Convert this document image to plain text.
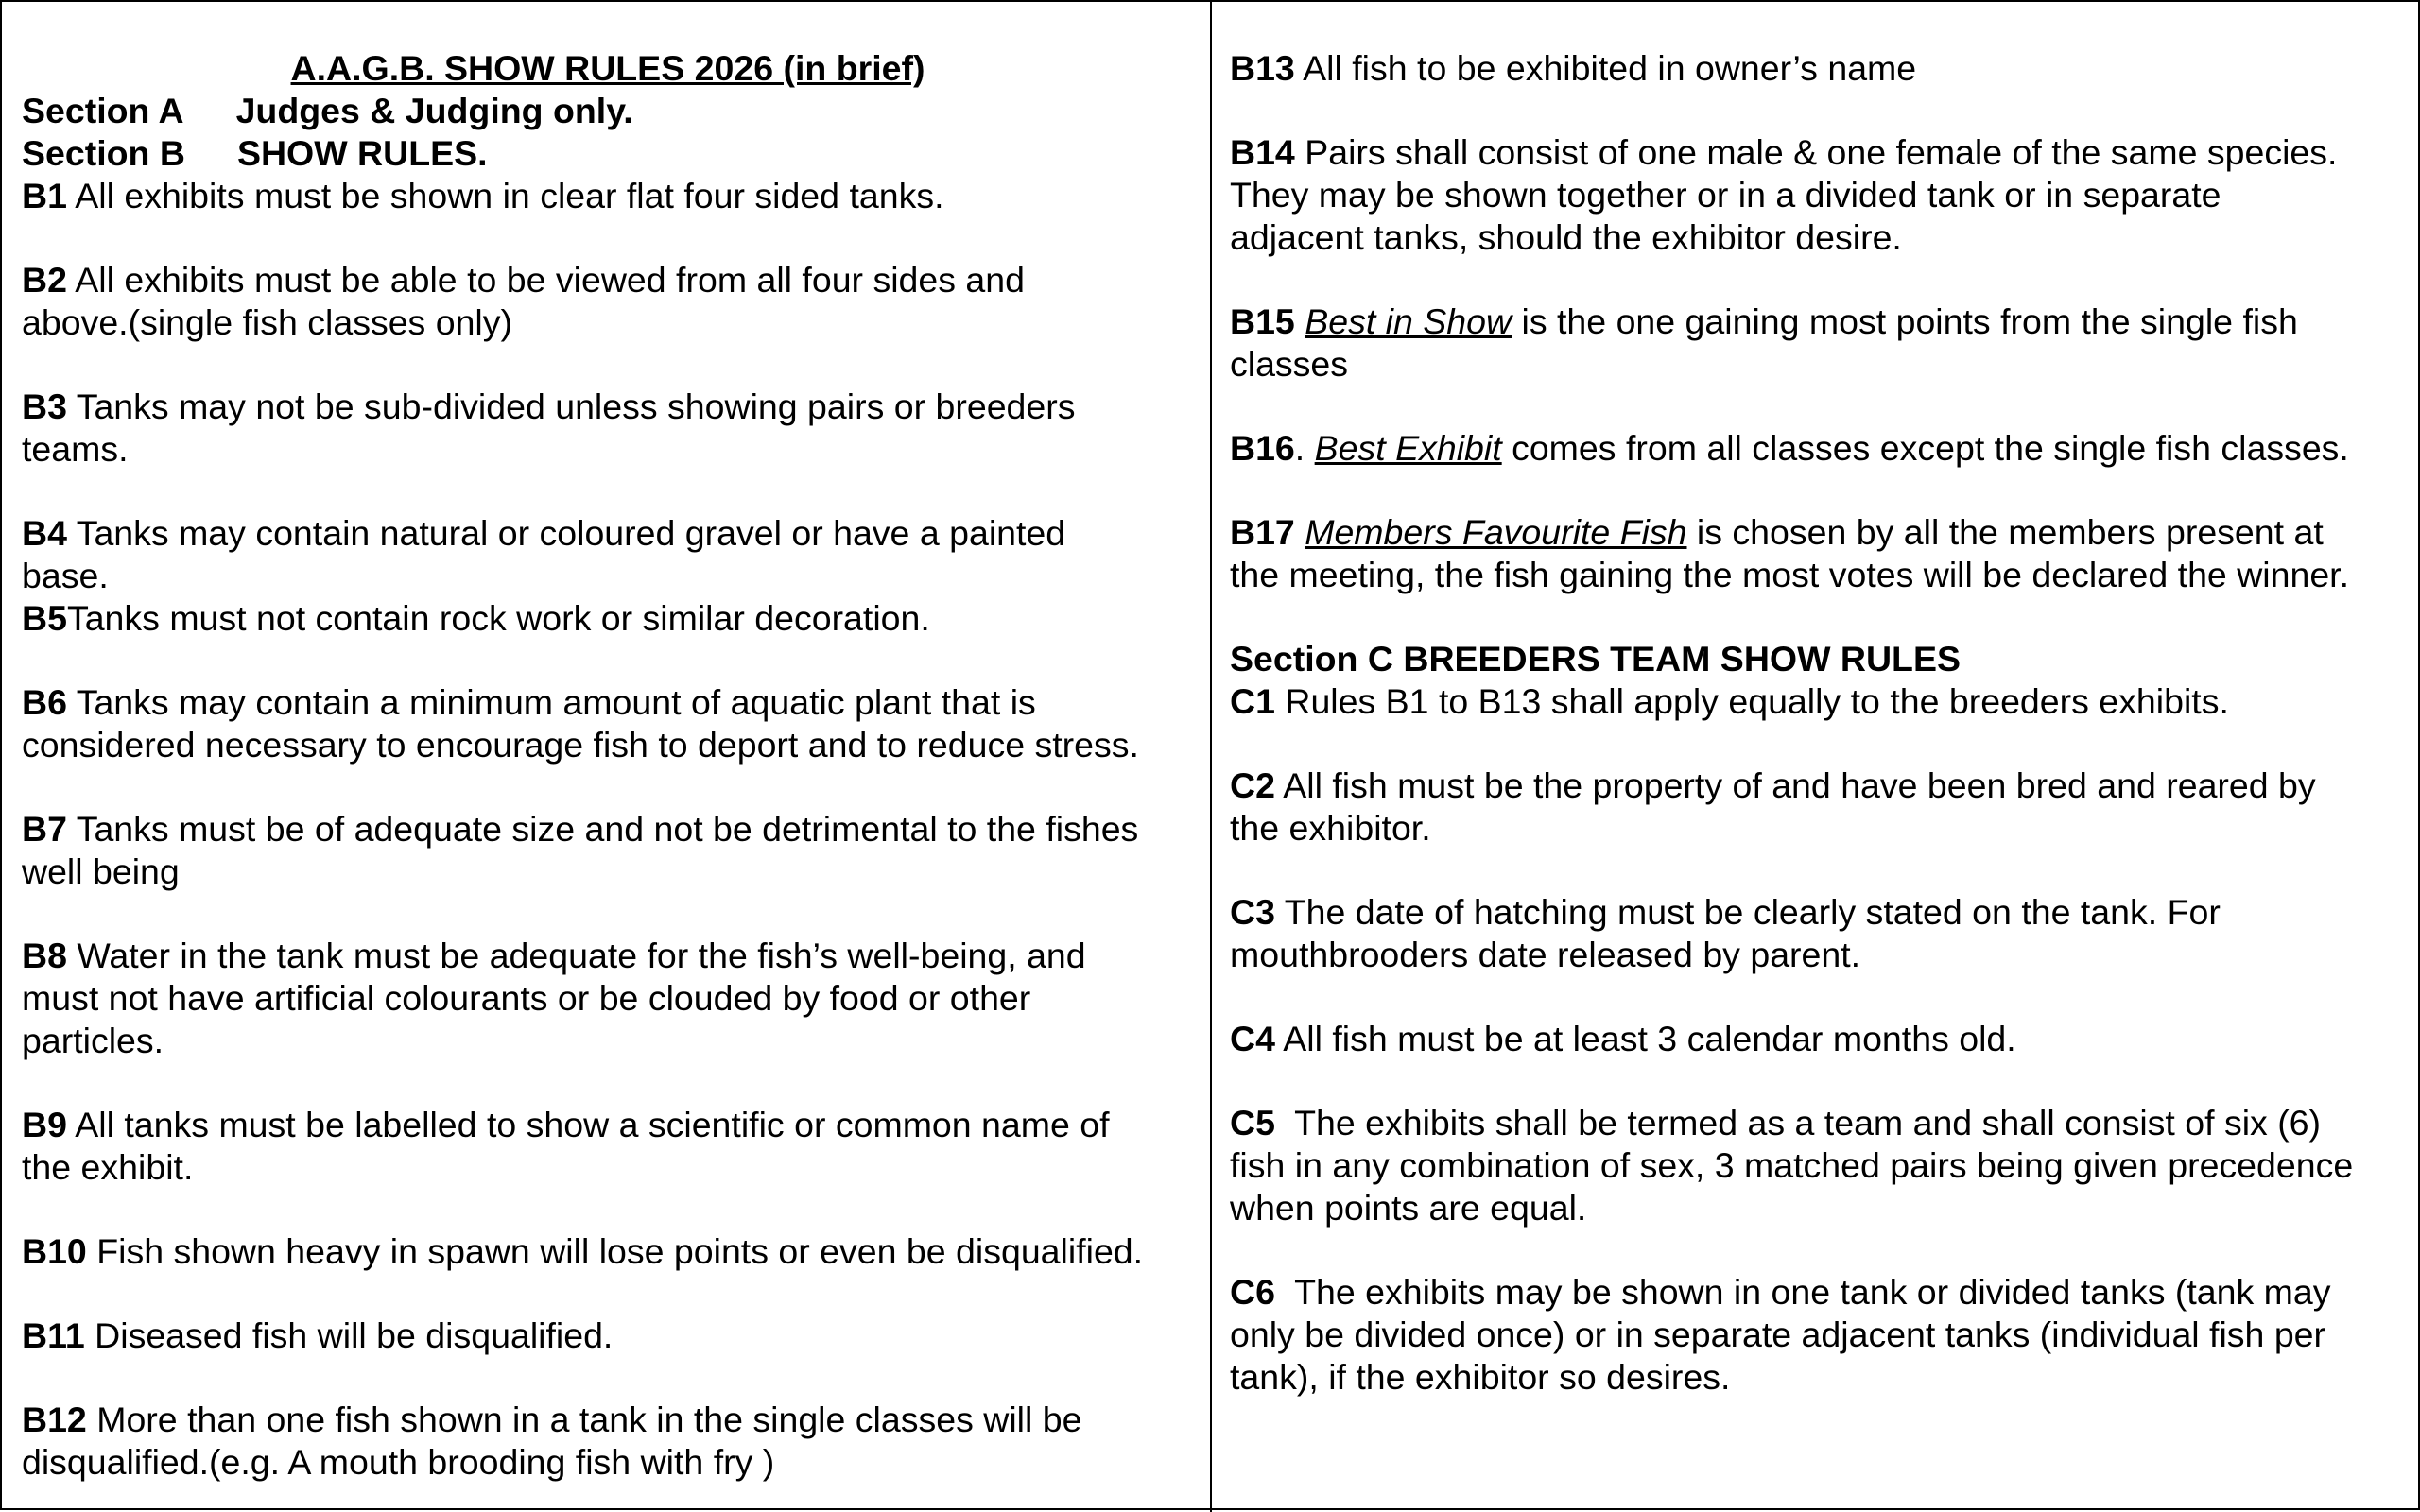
A.A.G.B. SHOW RULES 2026 (in brief)
Section A Judges & Judging only.
Section B SHOW RULES.
B1 All exhibits must be shown in clear flat four sided tanks.
B2 All exhibits must be able to be viewed from all four sides and
above.(single fish classes only)
B3 Tanks may not be sub-divided unless showing pairs or breeders
teams.
B4 Tanks may contain natural or coloured gravel or have a painted
base.
B5Tanks must not contain rock work or similar decoration.
B6 Tanks may contain a minimum amount of aquatic plant that is
considered necessary to encourage fish to deport and to reduce stress.
B7 Tanks must be of adequate size and not be detrimental to the fishes
well being
B8 Water in the tank must be adequate for the fish’s well-being, and
must not have artificial colourants or be clouded by food or other
particles.
B9 All tanks must be labelled to show a scientific or common name of
the exhibit.
B10 Fish shown heavy in spawn will lose points or even be disqualified.
B11 Diseased fish will be disqualified.
B12 More than one fish shown in a tank in the single classes will be
disqualified.(e.g. A mouth brooding fish with fry )
B13 All fish to be exhibited in owner’s name
B14 Pairs shall consist of one male & one female of the same species.
They may be shown together or in a divided tank or in separate
adjacent tanks, should the exhibitor desire.
B15 Best in Show is the one gaining most points from the single fish
classes
B16. Best Exhibit comes from all classes except the single fish classes.
B17 Members Favourite Fish is chosen by all the members present at
the meeting, the fish gaining the most votes will be declared the winner.
Section C BREEDERS TEAM SHOW RULES
C1 Rules B1 to B13 shall apply equally to the breeders exhibits.
C2 All fish must be the property of and have been bred and reared by
the exhibitor.
C3 The date of hatching must be clearly stated on the tank. For
mouthbrooders date released by parent.
C4 All fish must be at least 3 calendar months old.
C5  The exhibits shall be termed as a team and shall consist of six (6)
fish in any combination of sex, 3 matched pairs being given precedence
when points are equal.
C6  The exhibits may be shown in one tank or divided tanks (tank may
only be divided once) or in separate adjacent tanks (individual fish per
tank), if the exhibitor so desires.
